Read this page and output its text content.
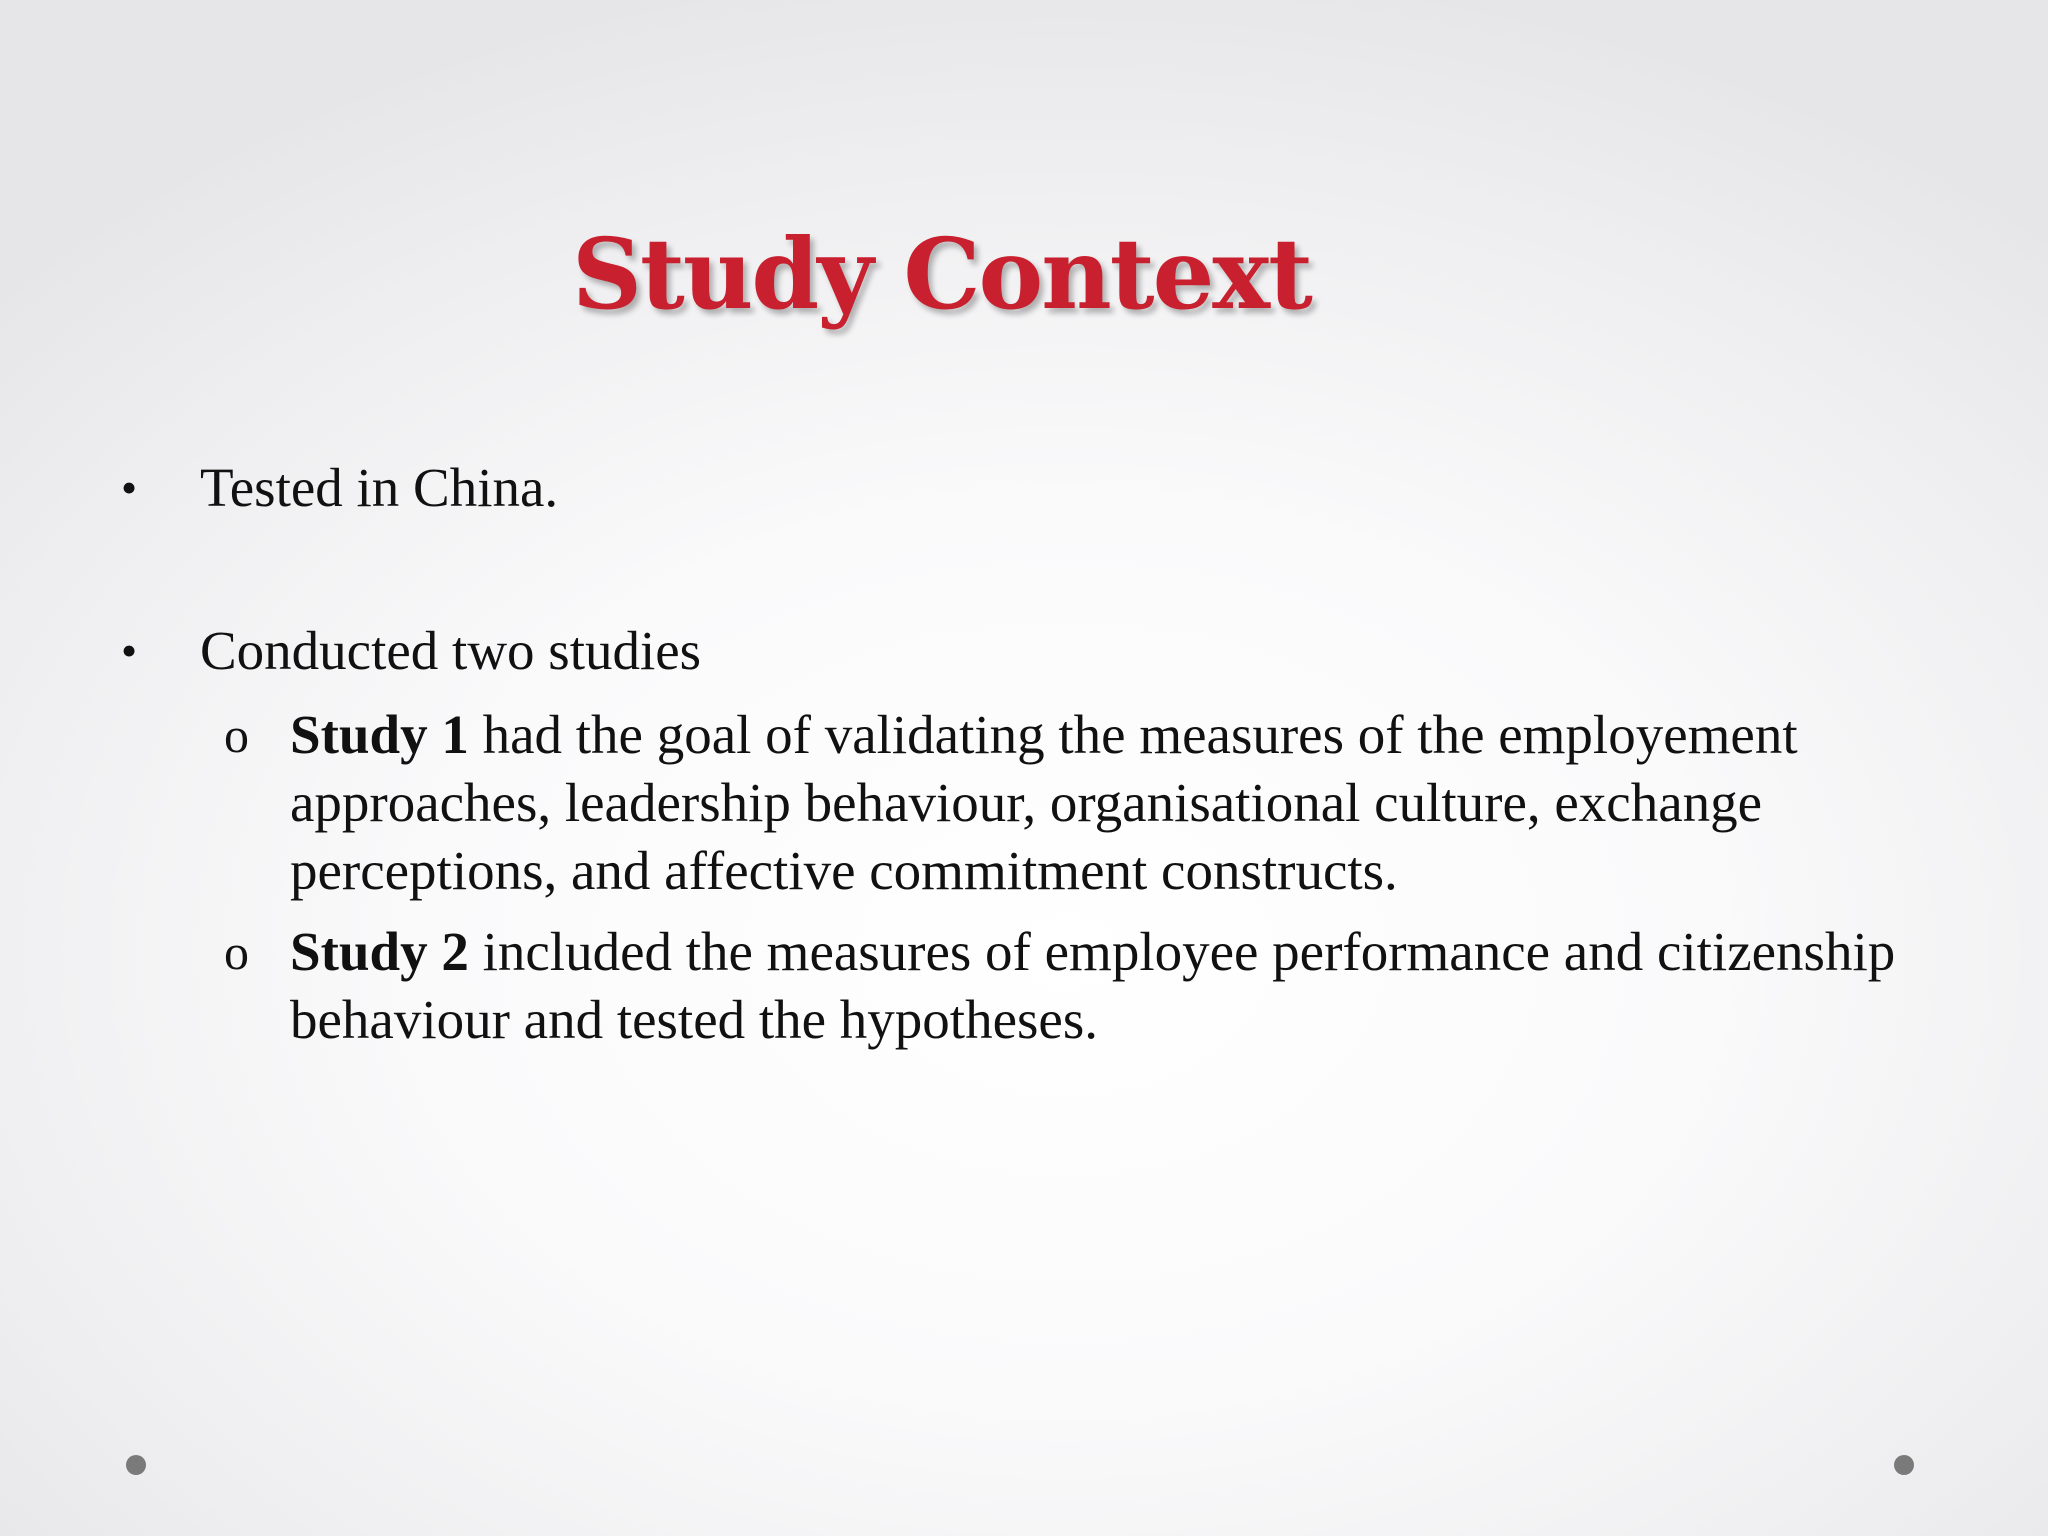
Study Context
• Tested in China.
• Conducted two studies
o Study 1 had the goal of validating the measures of the employement approaches, leadership behaviour, organisational culture, exchange perceptions, and affective commitment constructs.
o Study 2 included the measures of employee performance and citizenship behaviour and tested the hypotheses.
